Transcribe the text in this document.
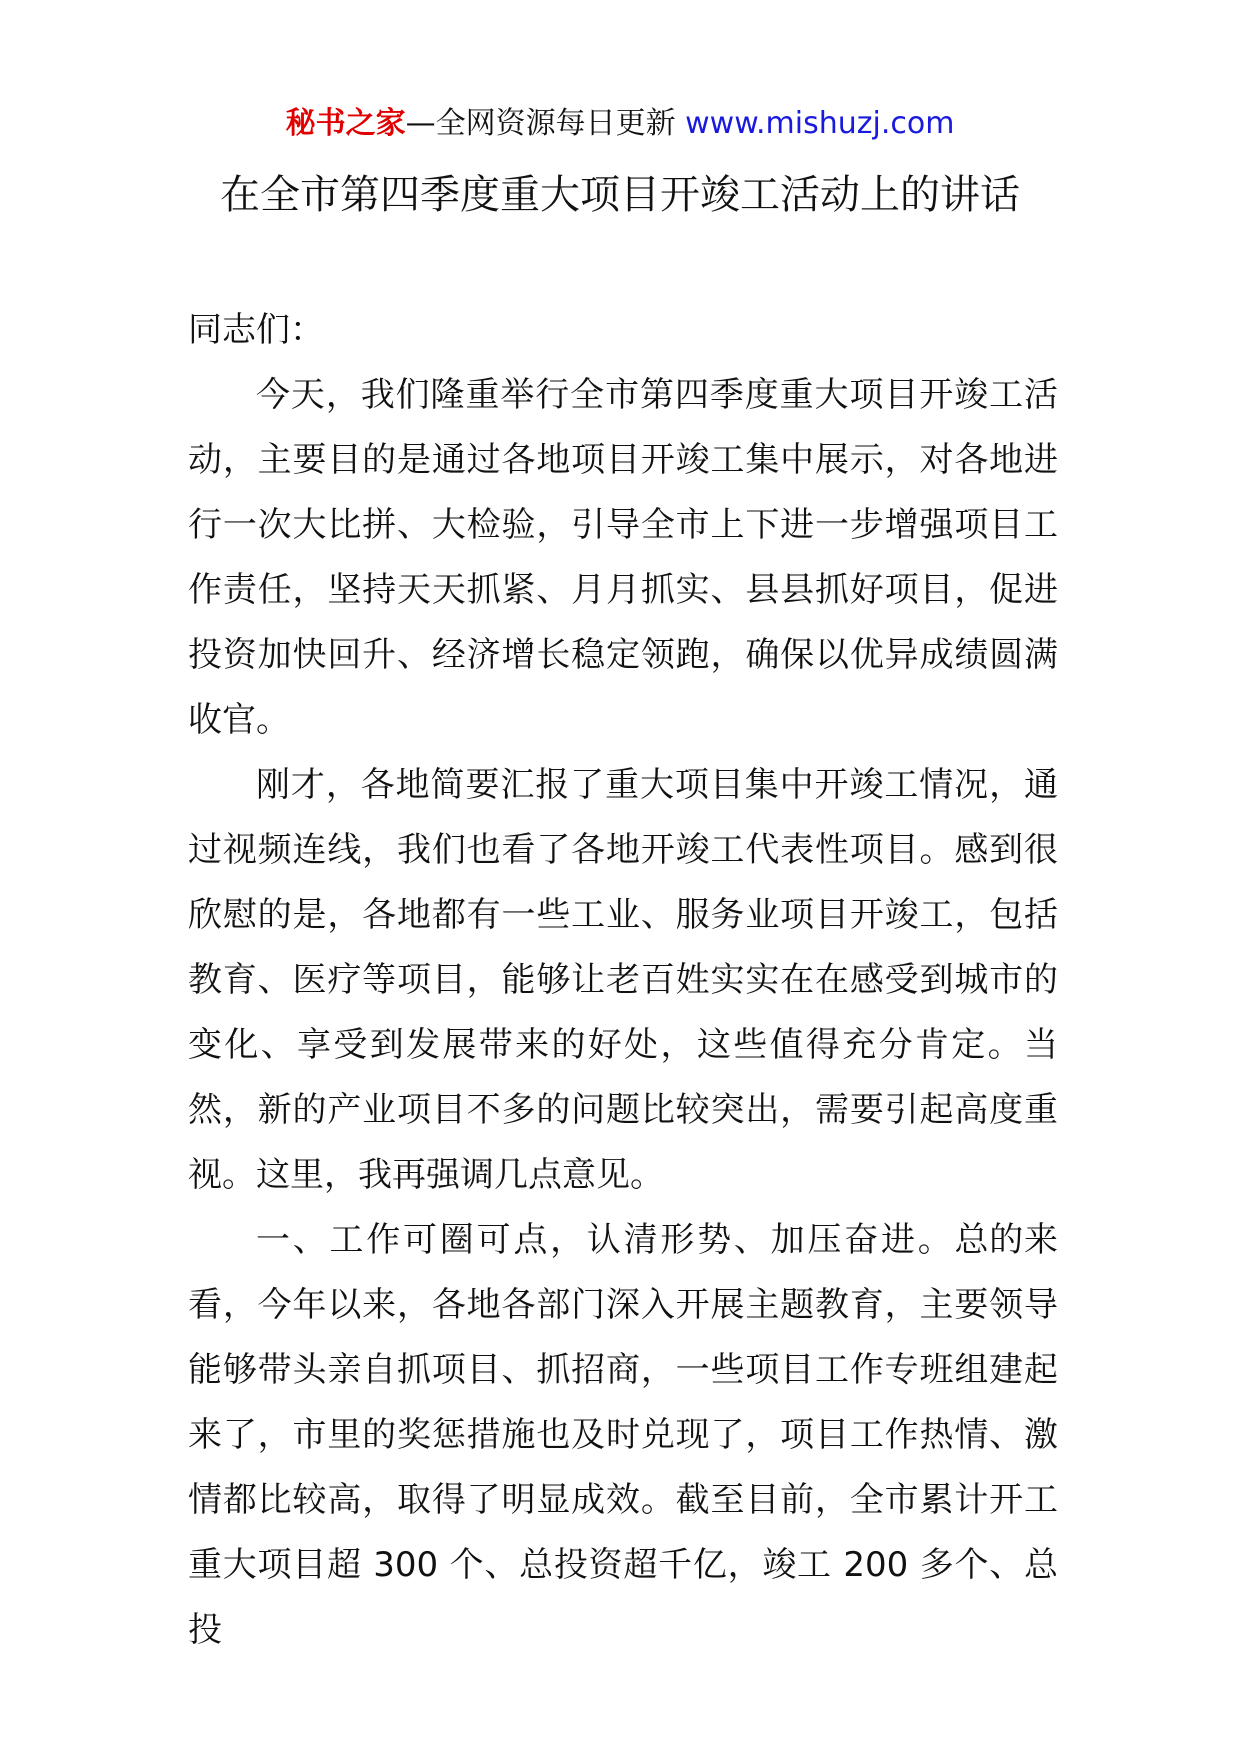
秘书之家—全网资源每日更新 www.mishuzj.com
在全市第四季度重大项目开竣工活动上的讲话

同志们：

今天，我们隆重举行全市第四季度重大项目开竣工活动，主要目的是通过各地项目开竣工集中展示，对各地进行一次大比拼、大检验，引导全市上下进一步增强项目工作责任，坚持天天抓紧、月月抓实、县县抓好项目，促进投资加快回升、经济增长稳定领跑，确保以优异成绩圆满收官。

刚才，各地简要汇报了重大项目集中开竣工情况，通过视频连线，我们也看了各地开竣工代表性项目。感到很欣慰的是，各地都有一些工业、服务业项目开竣工，包括教育、医疗等项目，能够让老百姓实实在在感受到城市的变化、享受到发展带来的好处，这些值得充分肯定。当然，新的产业项目不多的问题比较突出，需要引起高度重视。这里，我再强调几点意见。

一、工作可圈可点，认清形势、加压奋进。总的来看，今年以来，各地各部门深入开展主题教育，主要领导能够带头亲自抓项目、抓招商，一些项目工作专班组建起来了，市里的奖惩措施也及时兑现了，项目工作热情、激情都比较高，取得了明显成效。截至目前，全市累计开工重大项目超 300 个、总投资超千亿，竣工 200 多个、总投
